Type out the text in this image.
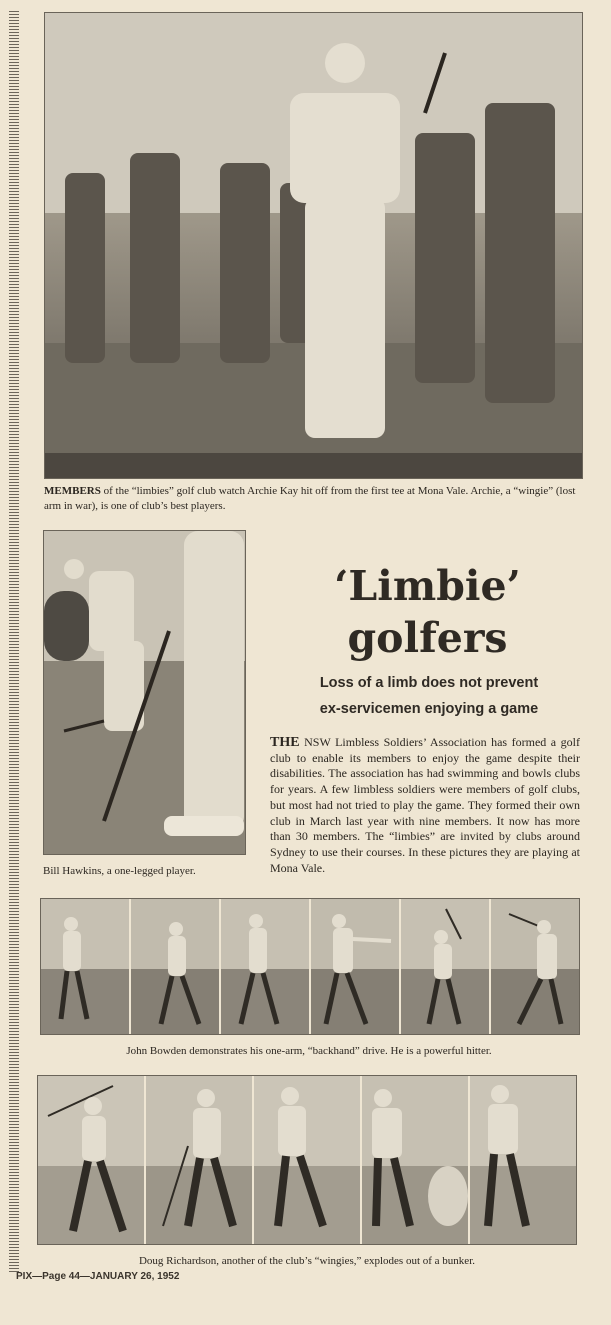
MEMBERS of the “limbies” golf club watch Archie Kay hit off from the first tee at Mona Vale. Archie, a “wingie” (lost arm in war), is one of club’s best players.
Bill Hawkins, a one-legged player.
‘Limbie’
golfers
Loss of a limb does not prevent
ex-servicemen enjoying a game
THE NSW Limbless Soldiers’ Association has formed a golf club to enable its members to enjoy the game despite their disabilities. The association has had swimming and bowls clubs for years. A few limbless soldiers were members of golf clubs, but most had not tried to play the game. They formed their own club in March last year with nine members. It now has more than 30 members. The “limbies” are invited by clubs around Sydney to use their courses. In these pictures they are playing at Mona Vale.
John Bowden demonstrates his one-arm, “backhand” drive. He is a powerful hitter.
Doug Richardson, another of the club’s “wingies,” explodes out of a bunker.
PIX—Page 44—JANUARY 26, 1952
